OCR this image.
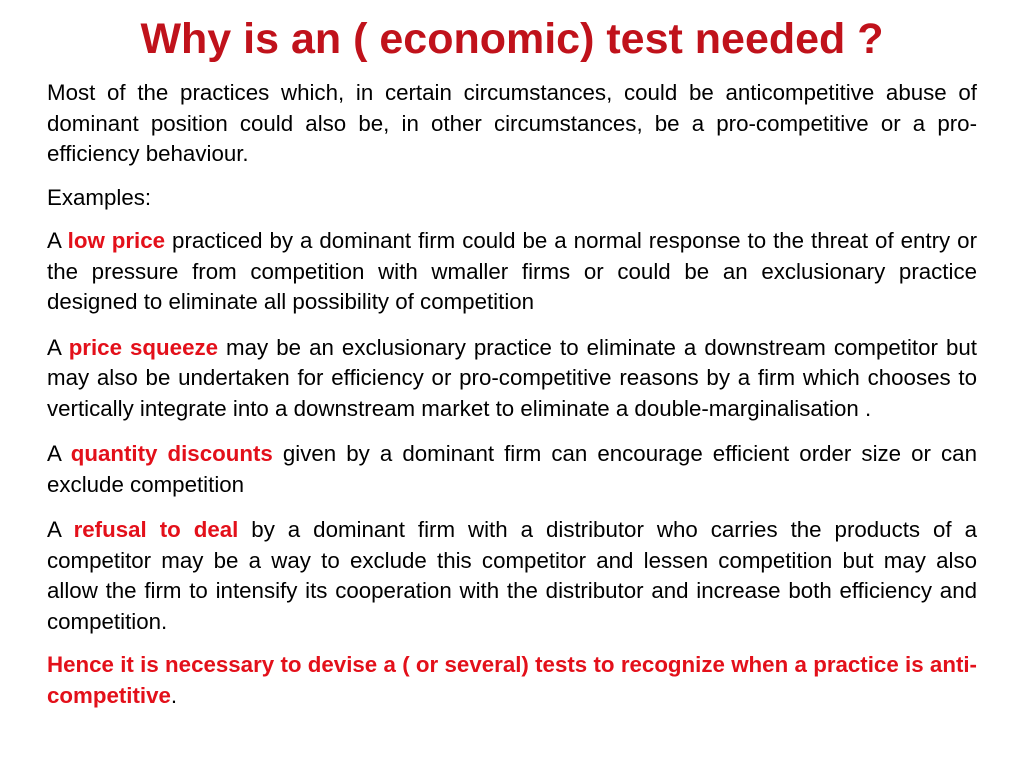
Why is an ( economic) test needed ?

Most of the practices which, in certain circumstances, could be anticompetitive abuse of dominant position could also be, in other circumstances, be a pro-competitive or a pro-efficiency behaviour.

Examples:

A low price practiced by a dominant firm could be a normal response to the threat of entry or the pressure from competition with wmaller firms or could be an exclusionary practice designed to eliminate all possibility of competition

A price squeeze may be an exclusionary practice to eliminate a downstream competitor but may also be undertaken for efficiency or pro-competitive reasons by a firm which chooses to vertically integrate into a downstream market to eliminate a double-marginalisation .

A quantity discounts given by a dominant firm can encourage efficient order size or can exclude competition

A refusal to deal by a dominant firm with a distributor who carries the products of a competitor may be a way to exclude this competitor and lessen competition but may also allow the firm to intensify its cooperation with the distributor and increase both efficiency and competition.

Hence it is necessary to devise a ( or several) tests to recognize when a practice is anti-competitive.
